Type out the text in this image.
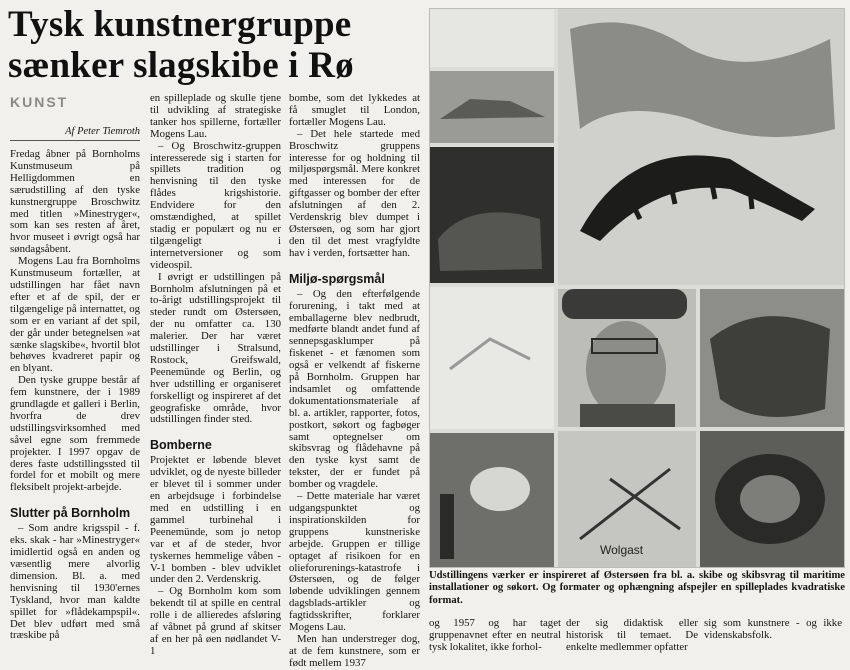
Tysk kunstnergruppe sænker slagskibe i Rø
KUNST
Af Peter Tiemroth

Fredag åbner på Bornholms Kunstmuseum på Helligdommen en særudstilling af den tyske kunstnergruppe Broschwitz med titlen »Minestryger«, som kan ses resten af året, hvor museet i øvrigt også har søndagsåbent.

Mogens Lau fra Bornholms Kunstmuseum fortæller, at udstillingen har fået navn efter et af de spil, der er tilgængelige på internattet, og som er en variant af det spil, der går under betegnelsen »at sænke slagskibe«, hvortil blot behøves kvadreret papir og en blyant.

Den tyske gruppe består af fem kunstnere, der i 1989 grundlagde et galleri i Berlin, hvorfra de drev udstillingsvirksomhed med såvel egne som fremmede projekter. I 1997 opgav de deres faste udstillingssted til fordel for et mobilt og mere fleksibelt projekt-arbejde.

Slutter på Bornholm

– Som andre krigsspil - f. eks. skak - har »Minestryger« imidlertid også en anden og væsentlig mere alvorlig dimension. Bl. a. med henvisning til 1930'ernes Tyskland, hvor man kaldte spillet for »flådekampspil«. Det blev udført med små træskibe på

en spilleplade og skulle tjene til udvikling af strategiske tanker hos spillerne, fortæller Mogens Lau.

– Og Broschwitz-gruppen interesserede sig i starten for spillets tradition og henvisning til den tyske flådes krigshistorie. Endvidere for den omstændighed, at spillet stadig er populært og nu er tilgængeligt i internetversioner og som videospil.

I øvrigt er udstillingen på Bornholm afslutningen på et to-årigt udstillingsprojekt til steder rundt om Østersøen, der nu omfatter ca. 130 malerier. Der har været udstillinger i Stralsund, Rostock, Greifswald, Peenemünde og Berlin, og hver udstilling er organiseret forskelligt og inspireret af det geografiske område, hvor udstillingen finder sted.

Bomberne

Projektet er løbende blevet udviklet, og de nyeste billeder er blevet til i sommer under en arbejdsuge i forbindelse med en udstilling i en gammel turbinehal i Peenemünde, som jo netop var et af de steder, hvor tyskernes hemmelige våben - V-1 bomben - blev udviklet under den 2. Verdenskrig.

– Og Bornholm kom som bekendt til at spille en central rolle i de allieredes afsløring af våbnet på grund af skitser af en her på øen nødlandet V-1

bombe, som det lykkedes at få smuglet til London, fortæller Mogens Lau.

– Det hele startede med Broschwitz gruppens interesse for og holdning til miljøspørgsmål. Mere konkret med interessen for de giftgasser og bomber der efter afslutningen af den 2. Verdenskrig blev dumpet i Østersøen, og som har gjort den til det mest vragfyldte hav i verden, fortsætter han.

Miljø-spørgsmål

– Og den efterfølgende forurening, i takt med at emballagerne blev nedbrudt, medførte blandt andet fund af sennepsgasklumper på fiskenet - et fænomen som også er velkendt af fiskerne på Bornholm. Gruppen har indsamlet og omfattende dokumentationsmateriale af bl. a. artikler, rapporter, fotos, postkort, søkort og fagbøger samt optegnelser om skibsvrag og flådehavne på den tyske kyst samt de tekster, der er fundet på bomber og vragdele.

– Dette materiale har været udgangspunktet og inspirationskilden for gruppens kunstneriske arbejde. Gruppen er tillige optaget af risikoen for en olieforurenings-katastrofe i Østersøen, og de følger løbende udviklingen gennem dagsblads-artikler og fagtidsskrifter, forklarer Mogens Lau.

Men han understreger dog, at de fem kunstnere, som er født mellem 1937

Wolgast
Udstillingens værker er inspireret af Østersøen fra bl. a. skibe og skibsvrag til maritime installationer og søkort. Og formater og ophængning afspejler en spilleplades kvadratiske format.
og 1957 og har taget gruppenavnet efter en neutral tysk lokalitet, ikke forhol-
der sig didaktisk eller historisk til temaet. De enkelte medlemmer opfatter
sig som kunstnere - og ikke videnskabsfolk.
